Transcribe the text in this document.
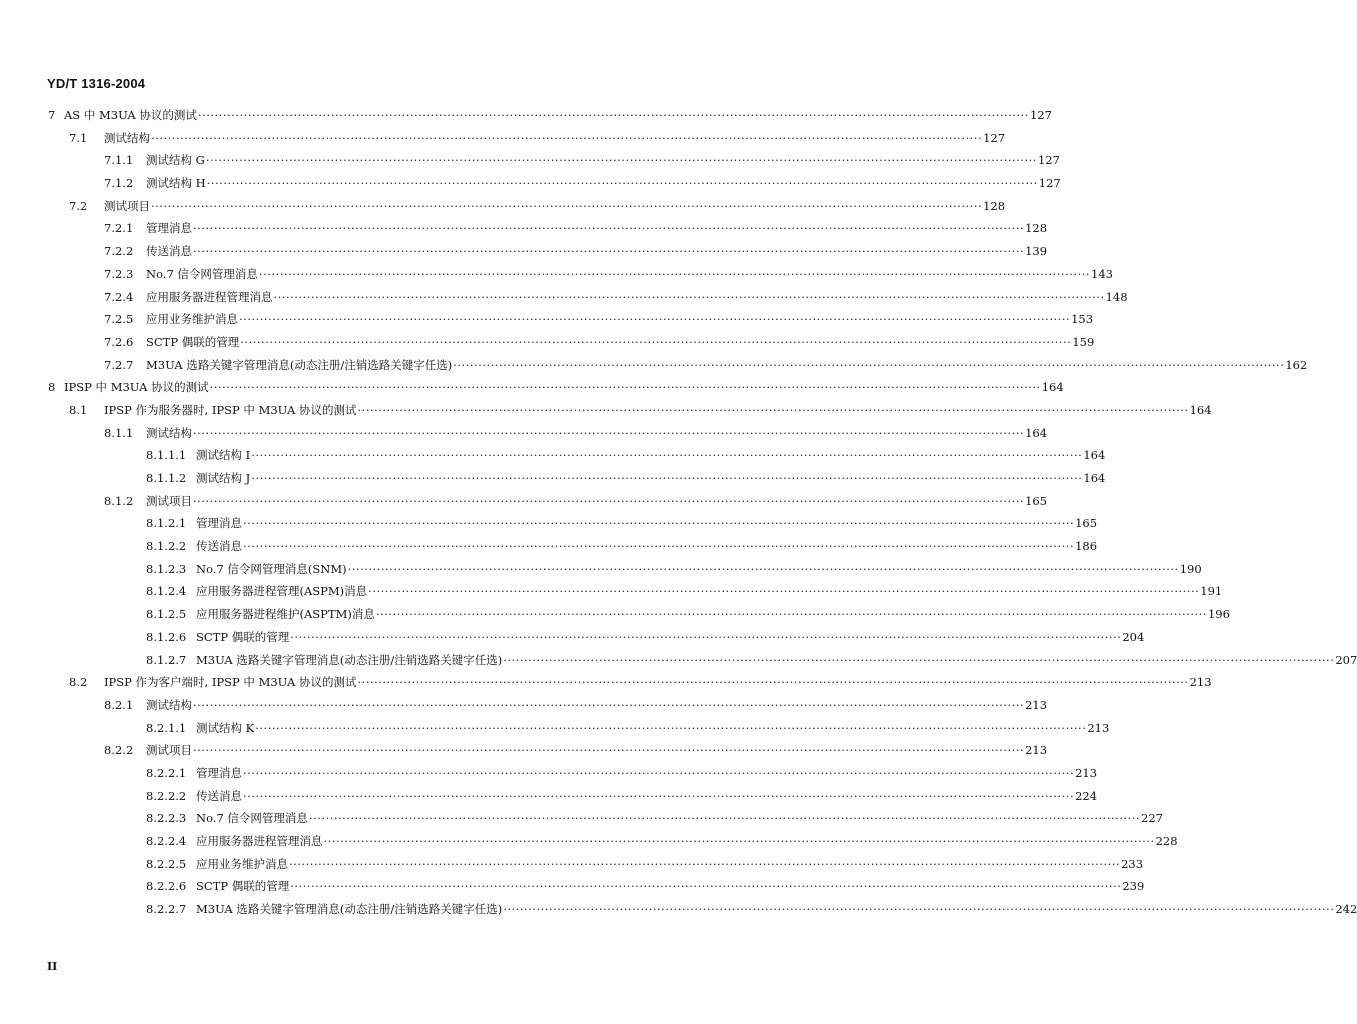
YD/T 1316-2004
7 AS 中 M3UA 协议的测试 ········································································································································································································ 127
7.1 测试结构 ········································································································································································································ 127
7.1.1 测试结构 G ········································································································································································································ 127
7.1.2 测试结构 H ········································································································································································································ 127
7.2 测试项目 ········································································································································································································ 128
7.2.1 管理消息 ········································································································································································································ 128
7.2.2 传送消息 ········································································································································································································ 139
7.2.3 No.7 信令网管理消息 ········································································································································································································ 143
7.2.4 应用服务器进程管理消息 ········································································································································································································ 148
7.2.5 应用业务维护消息 ········································································································································································································ 153
7.2.6 SCTP 偶联的管理 ········································································································································································································ 159
7.2.7 M3UA 选路关键字管理消息(动态注册/注销选路关键字任选) ········································································································································································································ 162
8 IPSP 中 M3UA 协议的测试 ········································································································································································································ 164
8.1 IPSP 作为服务器时, IPSP 中 M3UA 协议的测试 ········································································································································································································ 164
8.1.1 测试结构 ········································································································································································································ 164
8.1.1.1 测试结构 I ········································································································································································································ 164
8.1.1.2 测试结构 J ········································································································································································································ 164
8.1.2 测试项目 ········································································································································································································ 165
8.1.2.1 管理消息 ········································································································································································································ 165
8.1.2.2 传送消息 ········································································································································································································ 186
8.1.2.3 No.7 信令网管理消息(SNM) ········································································································································································································ 190
8.1.2.4 应用服务器进程管理(ASPM)消息 ········································································································································································································ 191
8.1.2.5 应用服务器进程维护(ASPTM)消息 ········································································································································································································ 196
8.1.2.6 SCTP 偶联的管理 ········································································································································································································ 204
8.1.2.7 M3UA 选路关键字管理消息(动态注册/注销选路关键字任选) ········································································································································································································ 207
8.2 IPSP 作为客户端时, IPSP 中 M3UA 协议的测试 ········································································································································································································ 213
8.2.1 测试结构 ········································································································································································································ 213
8.2.1.1 测试结构 K ········································································································································································································ 213
8.2.2 测试项目 ········································································································································································································ 213
8.2.2.1 管理消息 ········································································································································································································ 213
8.2.2.2 传送消息 ········································································································································································································ 224
8.2.2.3 No.7 信令网管理消息 ········································································································································································································ 227
8.2.2.4 应用服务器进程管理消息 ········································································································································································································ 228
8.2.2.5 应用业务维护消息 ········································································································································································································ 233
8.2.2.6 SCTP 偶联的管理 ········································································································································································································ 239
8.2.2.7 M3UA 选路关键字管理消息(动态注册/注销选路关键字任选) ········································································································································································································ 242
II
